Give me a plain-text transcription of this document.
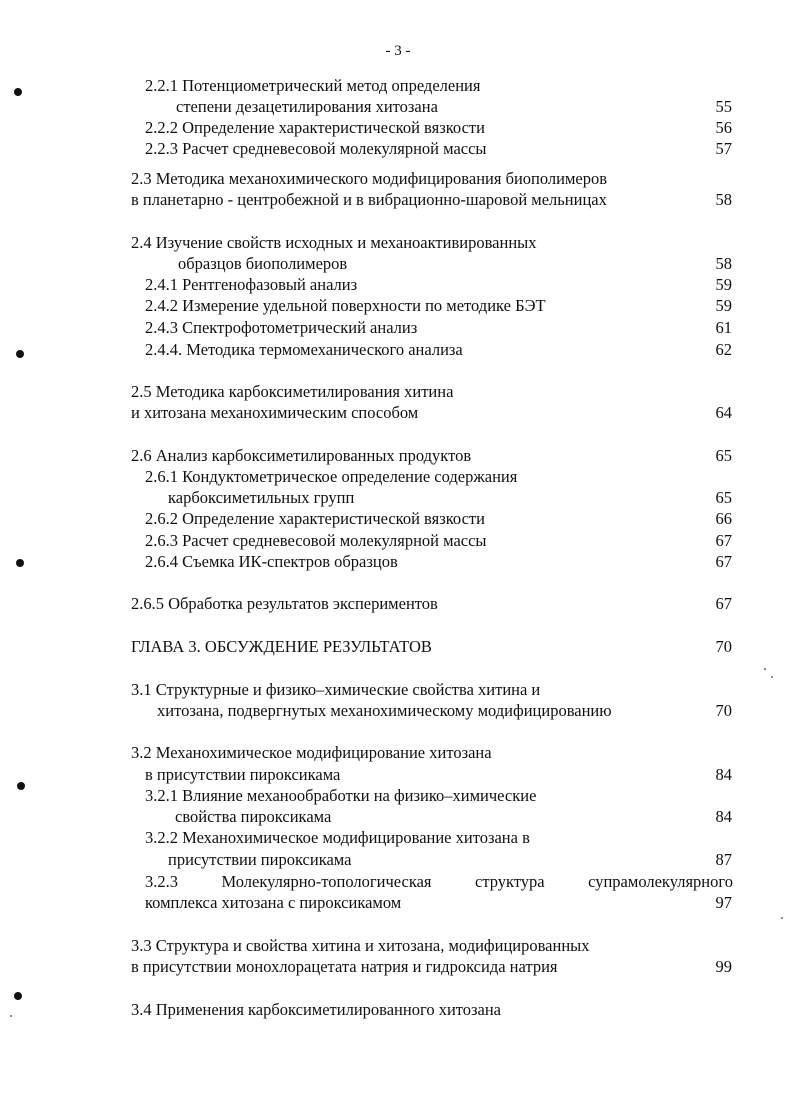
- 3 -
2.2.1 Потенциометрический метод определения
степени дезацетилирования хитозана	55
2.2.2 Определение характеристической вязкости	56
2.2.3 Расчет средневесовой молекулярной массы	57
2.3 Методика механохимического модифицирования биополимеров
в планетарно - центробежной и в вибрационно-шаровой мельницах	58
2.4 Изучение свойств исходных и механоактивированных
образцов биополимеров	58
2.4.1 Рентгенофазовый анализ	59
2.4.2 Измерение удельной поверхности по методике БЭТ	59
2.4.3 Спектрофотометрический анализ	61
2.4.4. Методика термомеханического анализа	62
2.5 Методика карбоксиметилирования хитина
и хитозана механохимическим способом	64
2.6 Анализ карбоксиметилированных продуктов	65
2.6.1 Кондуктометрическое определение содержания
карбоксиметильных групп	65
2.6.2 Определение характеристической вязкости	66
2.6.3 Расчет средневесовой молекулярной массы	67
2.6.4 Съемка ИК-спектров образцов	67
2.6.5 Обработка результатов экспериментов	67
ГЛАВА 3. ОБСУЖДЕНИЕ РЕЗУЛЬТАТОВ	70
3.1 Структурные и физико–химические свойства хитина и
хитозана, подвергнутых механохимическому модифицированию	70
3.2 Механохимическое модифицирование хитозана
в присутствии пироксикама	84
3.2.1 Влияние механообработки на физико–химические
свойства пироксикама	84
3.2.2 Механохимическое модифицирование хитозана в
присутствии пироксикама	87
3.2.3	Молекулярно-топологическая	структура	супрамолекулярного
комплекса хитозана с пироксикамом	97
3.3 Структура и свойства хитина и хитозана, модифицированных
в присутствии монохлорацетата натрия и гидроксида натрия	99
3.4 Применения карбоксиметилированного хитозана
